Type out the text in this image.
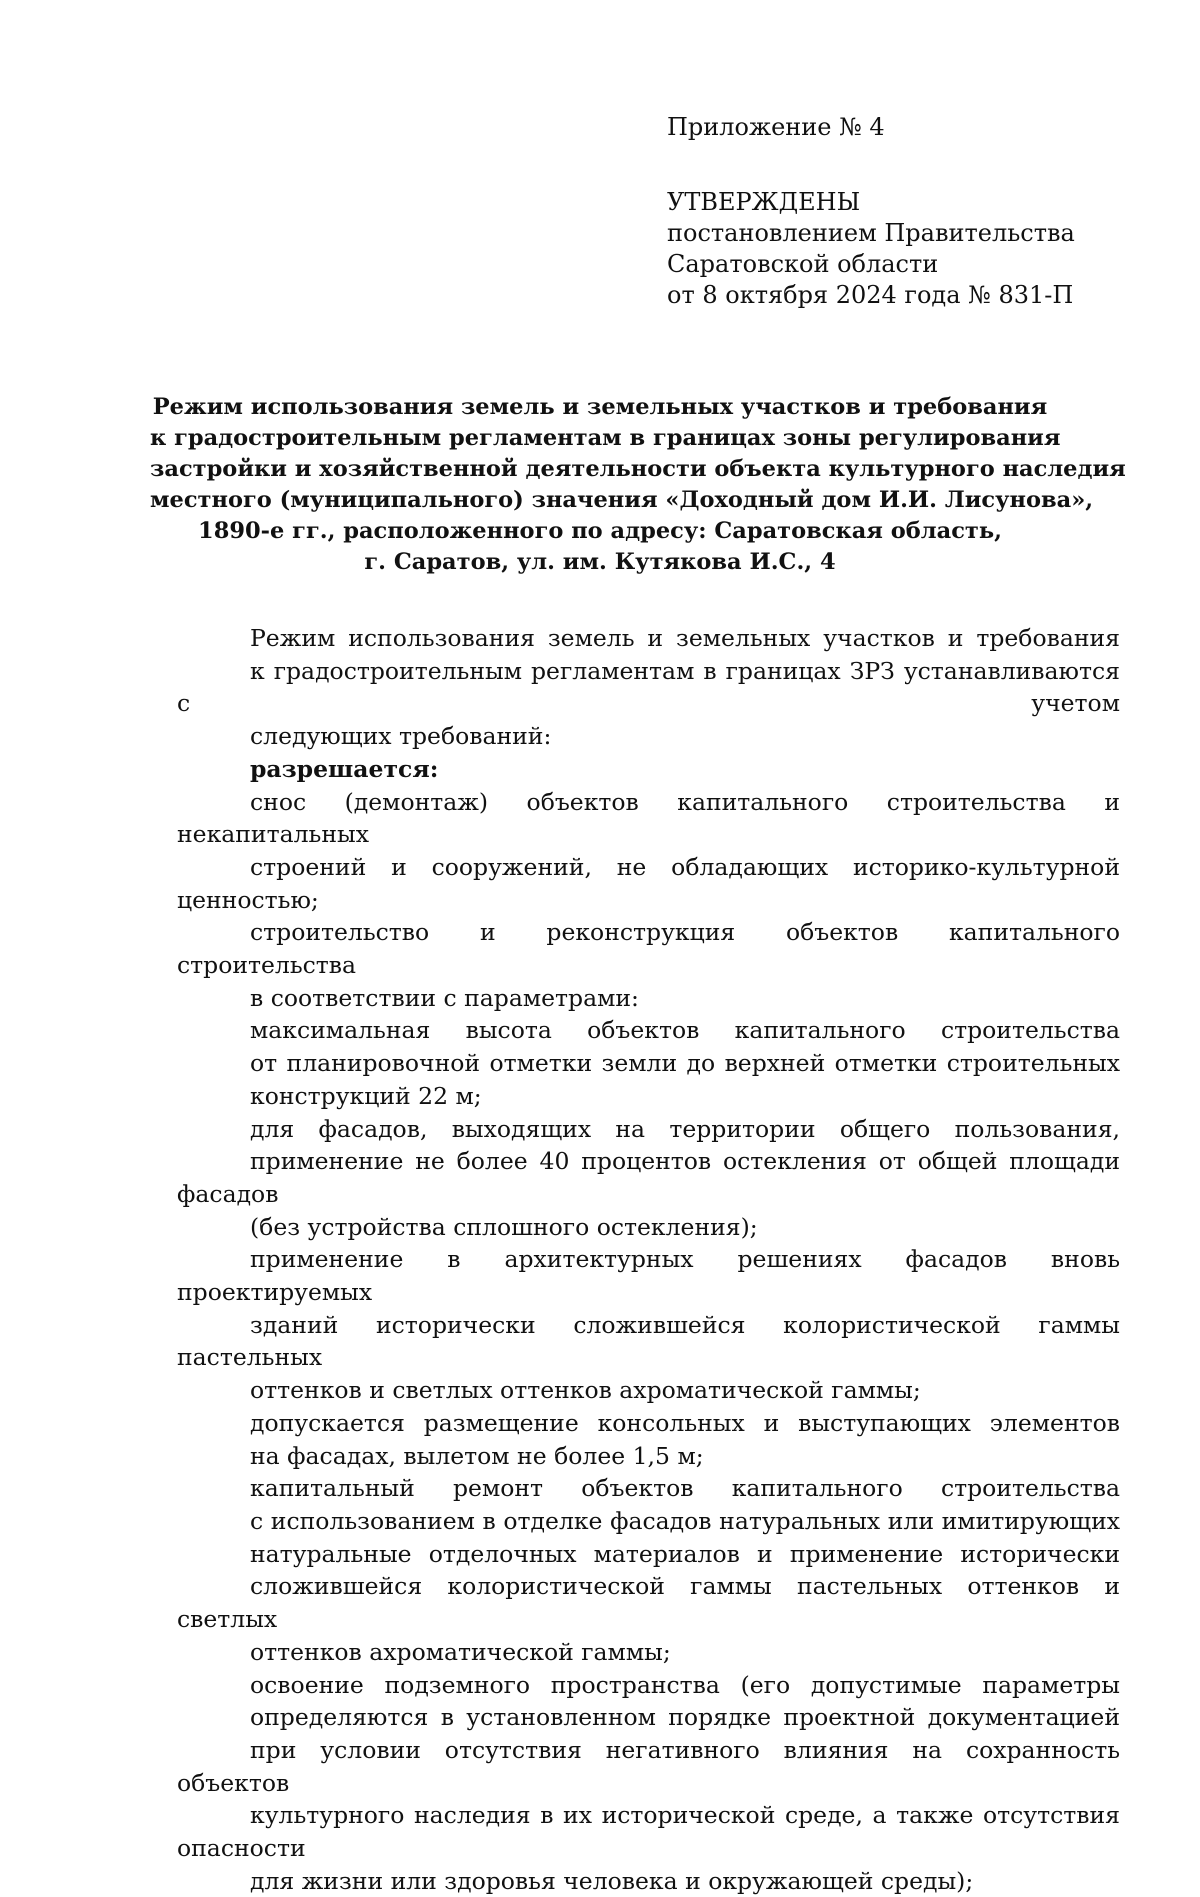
Приложение № 4
УТВЕРЖДЕНЫ
постановлением Правительства
Саратовской области
от 8 октября 2024 года № 831-П
Режим использования земель и земельных участков и требования
к градостроительным регламентам в границах зоны регулирования
застройки и хозяйственной деятельности объекта культурного наследия
местного (муниципального) значения «Доходный дом И.И. Лисунова»,
1890-е гг., расположенного по адресу: Саратовская область,
г. Саратов, ул. им. Кутякова И.С., 4

Режим использования земель и земельных участков и требования
к градостроительным регламентам в границах ЗРЗ устанавливаются с учетом
следующих требований:

разрешается:

снос (демонтаж) объектов капитального строительства и некапитальных
строений и сооружений, не обладающих историко-культурной ценностью;

строительство и реконструкция объектов капитального строительства
в соответствии с параметрами:

максимальная высота объектов капитального строительства
от планировочной отметки земли до верхней отметки строительных
конструкций 22 м;

для фасадов, выходящих на территории общего пользования,
применение не более 40 процентов остекления от общей площади фасадов
(без устройства сплошного остекления);

применение в архитектурных решениях фасадов вновь проектируемых
зданий исторически сложившейся колористической гаммы пастельных
оттенков и светлых оттенков ахроматической гаммы;

допускается размещение консольных и выступающих элементов
на фасадах, вылетом не более 1,5 м;

капитальный ремонт объектов капитального строительства
с использованием в отделке фасадов натуральных или имитирующих
натуральные отделочных материалов и применение исторически
сложившейся колористической гаммы пастельных оттенков и светлых
оттенков ахроматической гаммы;

освоение подземного пространства (его допустимые параметры
определяются в установленном порядке проектной документацией
при условии отсутствия негативного влияния на сохранность объектов
культурного наследия в их исторической среде, а также отсутствия опасности
для жизни или здоровья человека и окружающей среды);
